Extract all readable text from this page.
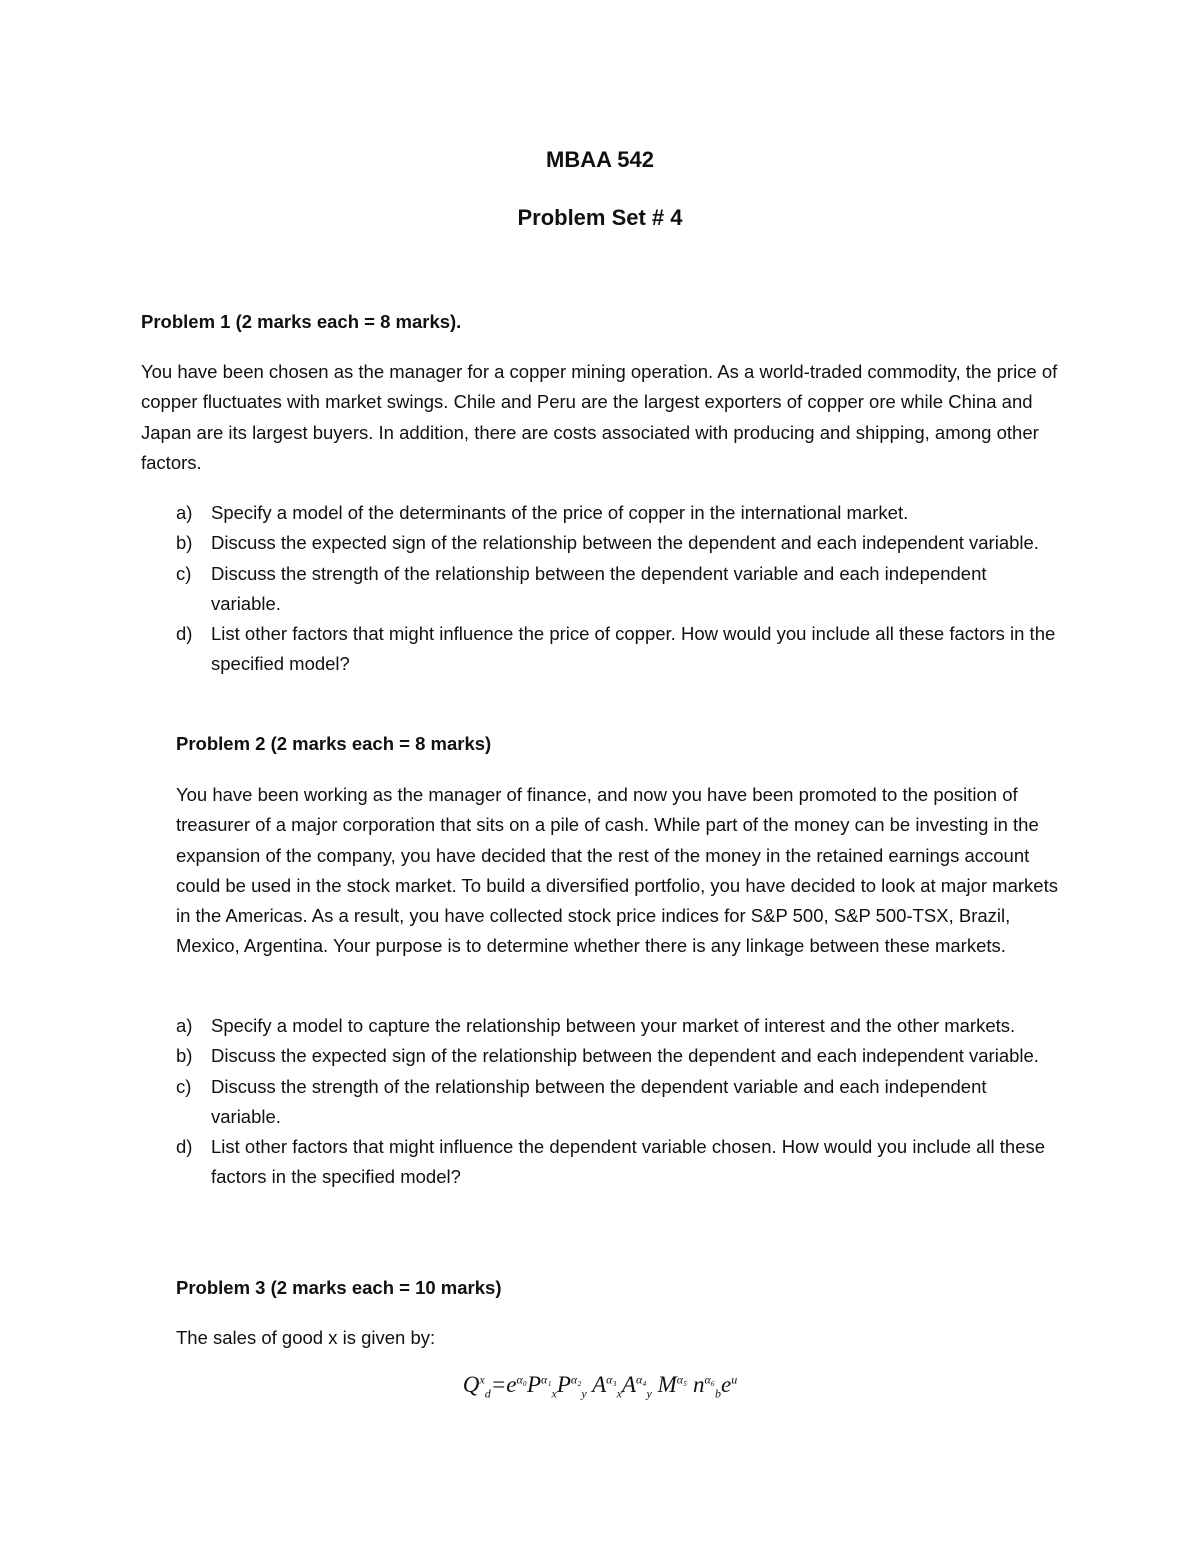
MBAA 542
Problem Set # 4
Problem 1 (2 marks each = 8 marks).

You have been chosen as the manager for a copper mining operation. As a world-traded commodity, the price of copper fluctuates with market swings. Chile and Peru are the largest exporters of copper ore while China and Japan are its largest buyers. In addition, there are costs associated with producing and shipping, among other factors.

a) Specify a model of the determinants of the price of copper in the international market.
b) Discuss the expected sign of the relationship between the dependent and each independent variable.
c) Discuss the strength of the relationship between the dependent variable and each independent variable.
d) List other factors that might influence the price of copper. How would you include all these factors in the specified model?
Problem 2 (2 marks each = 8 marks)

You have been working as the manager of finance, and now you have been promoted to the position of treasurer of a major corporation that sits on a pile of cash. While part of the money can be investing in the expansion of the company, you have decided that the rest of the money in the retained earnings account could be used in the stock market. To build a diversified portfolio, you have decided to look at major markets in the Americas. As a result, you have collected stock price indices for S&P 500, S&P 500-TSX, Brazil, Mexico, Argentina. Your purpose is to determine whether there is any linkage between these markets.

a) Specify a model to capture the relationship between your market of interest and the other markets.
b) Discuss the expected sign of the relationship between the dependent and each independent variable.
c) Discuss the strength of the relationship between the dependent variable and each independent variable.
d) List other factors that might influence the dependent variable chosen. How would you include all these factors in the specified model?
Problem 3 (2 marks each = 10 marks)

The sales of good x is given by:

$Q^x_d=e^{\alpha_0}P^{\alpha_1}_xP^{\alpha_2}_y$ $A^{\alpha_3}_xA^{\alpha_4}_y$ $M^{\alpha_5}$ $n^{\alpha_6}_be^u$
